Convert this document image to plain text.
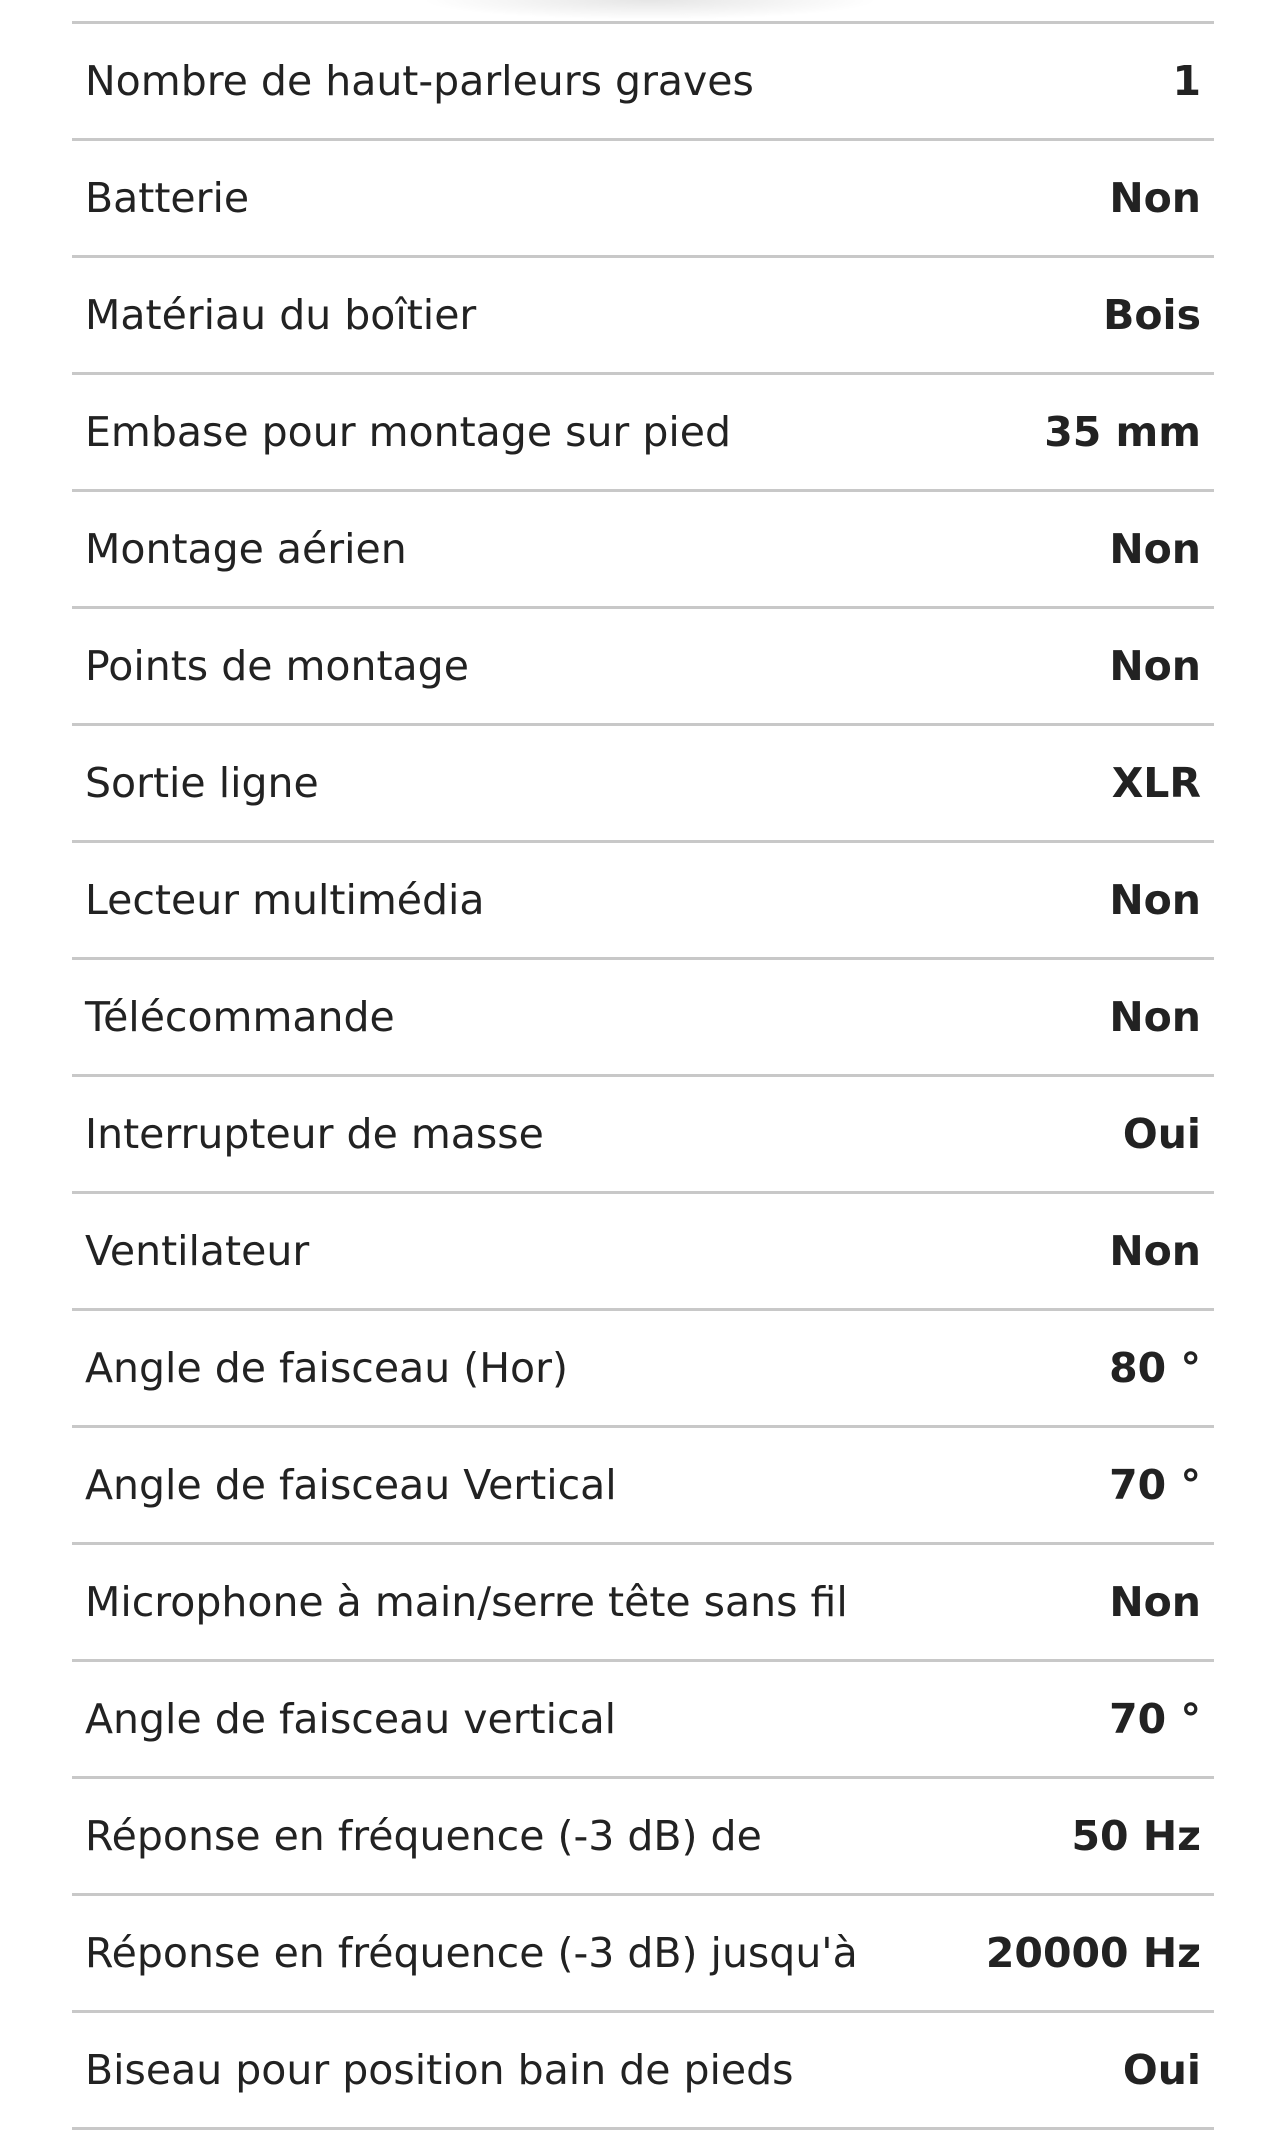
Nombre de haut-parleurs graves	1
Batterie	Non
Matériau du boîtier	Bois
Embase pour montage sur pied	35 mm
Montage aérien	Non
Points de montage	Non
Sortie ligne	XLR
Lecteur multimédia	Non
Télécommande	Non
Interrupteur de masse	Oui
Ventilateur	Non
Angle de faisceau (Hor)	80 °
Angle de faisceau Vertical	70 °
Microphone à main/serre tête sans fil	Non
Angle de faisceau vertical	70 °
Réponse en fréquence (-3 dB) de	50 Hz
Réponse en fréquence (-3 dB) jusqu'à	20000 Hz
Biseau pour position bain de pieds	Oui
